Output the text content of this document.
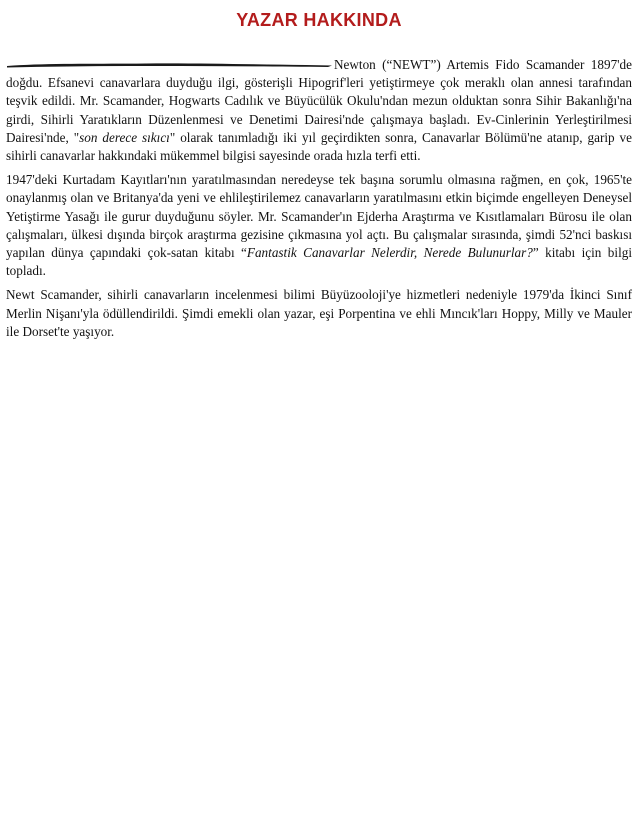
YAZAR HAKKINDA

Newton (“NEWT”) Artemis Fido Scamander 1897'de doğdu. Efsanevi canavarlara duyduğu ilgi, gösterişli Hipogrif'leri yetiştirmeye çok meraklı olan annesi tarafından teşvik edildi. Mr. Scamander, Hogwarts Cadılık ve Büyücülük Okulu'ndan mezun olduktan sonra Sihir Bakanlığı'na girdi, Sihirli Yaratıkların Düzenlenmesi ve Denetimi Dairesi'nde çalışmaya başladı. Ev-Cinlerinin Yerleştirilmesi Dairesi'nde, "son derece sıkıcı" olarak tanımladığı iki yıl geçirdikten sonra, Canavarlar Bölümü'ne atanıp, garip ve sihirli canavarlar hakkındaki mükemmel bilgisi sayesinde orada hızla terfi etti.

1947'deki Kurtadam Kayıtları'nın yaratılmasından neredeyse tek başına sorumlu olmasına rağmen, en çok, 1965'te onaylanmış olan ve Britanya'da yeni ve ehlileştirilemez canavarların yaratılmasını etkin biçimde engelleyen Deneysel Yetiştirme Yasağı ile gurur duyduğunu söyler. Mr. Scamander'ın Ejderha Araştırma ve Kısıtlamaları Bürosu ile olan çalışmaları, ülkesi dışında birçok araştırma gezisine çıkmasına yol açtı. Bu çalışmalar sırasında, şimdi 52'nci baskısı yapılan dünya çapındaki çok-satan kitabı “Fantastik Canavarlar Nelerdir, Nerede Bulunurlar?” kitabı için bilgi topladı.

Newt Scamander, sihirli canavarların incelenmesi bilimi Büyüzooloji'ye hizmetleri nedeniyle 1979'da İkinci Sınıf Merlin Nişanı'yla ödüllendirildi. Şimdi emekli olan yazar, eşi Porpentina ve ehli Mıncık'ları Hoppy, Milly ve Mauler ile Dorset'te yaşıyor.
